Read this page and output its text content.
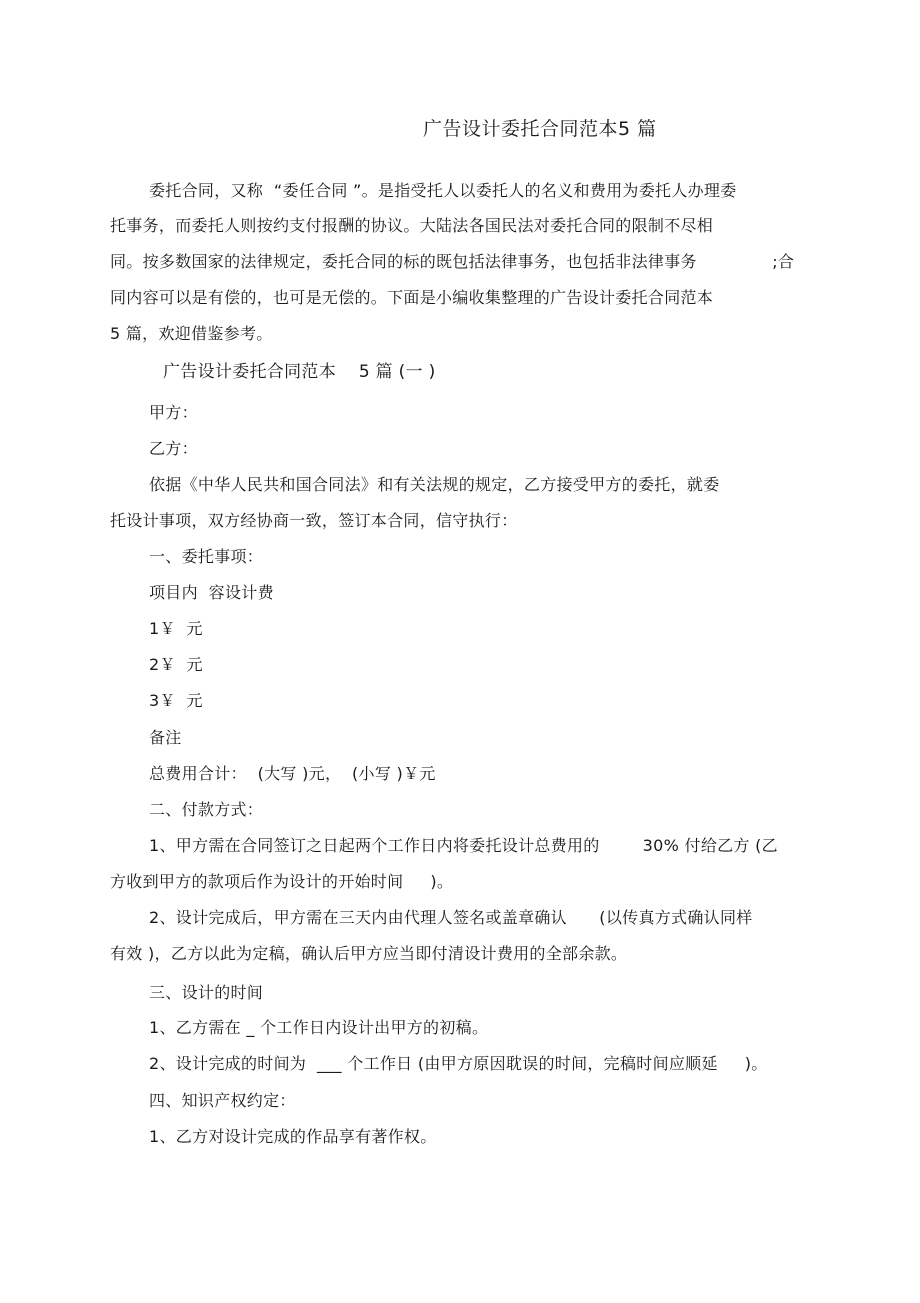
广告设计委托合同范本5 篇
委托合同，又称  “委任合同 ”。是指受托人以委托人的名义和费用为委托人办理委
托事务，而委托人则按约支付报酬的协议。大陆法各国民法对委托合同的限制不尽相
同。按多数国家的法律规定，委托合同的标的既包括法律事务，也包括非法律事务              ;合
同内容可以是有偿的，也可是无偿的。下面是小编收集整理的广告设计委托合同范本
5 篇，欢迎借鉴参考。
广告设计委托合同范本    5 篇 (一 )
甲方：
乙方：
依据《中华人民共和国合同法》和有关法规的规定，乙方接受甲方的委托，就委
托设计事项，双方经协商一致，签订本合同，信守执行：
一、委托事项：
项目内  容设计费
1￥  元
2￥  元
3￥  元
备注
总费用合计：  (大写 )元，  (小写 )￥元
二、付款方式：
1、甲方需在合同签订之日起两个工作日内将委托设计总费用的        30% 付给乙方 (乙
方收到甲方的款项后作为设计的开始时间     )。
2、设计完成后，甲方需在三天内由代理人签名或盖章确认      (以传真方式确认同样
有效 )，乙方以此为定稿，确认后甲方应当即付清设计费用的全部余款。
三、设计的时间
1、乙方需在 _ 个工作日内设计出甲方的初稿。
2、设计完成的时间为  ___ 个工作日 (由甲方原因耽误的时间，完稿时间应顺延     )。
四、知识产权约定：
1、乙方对设计完成的作品享有著作权。
